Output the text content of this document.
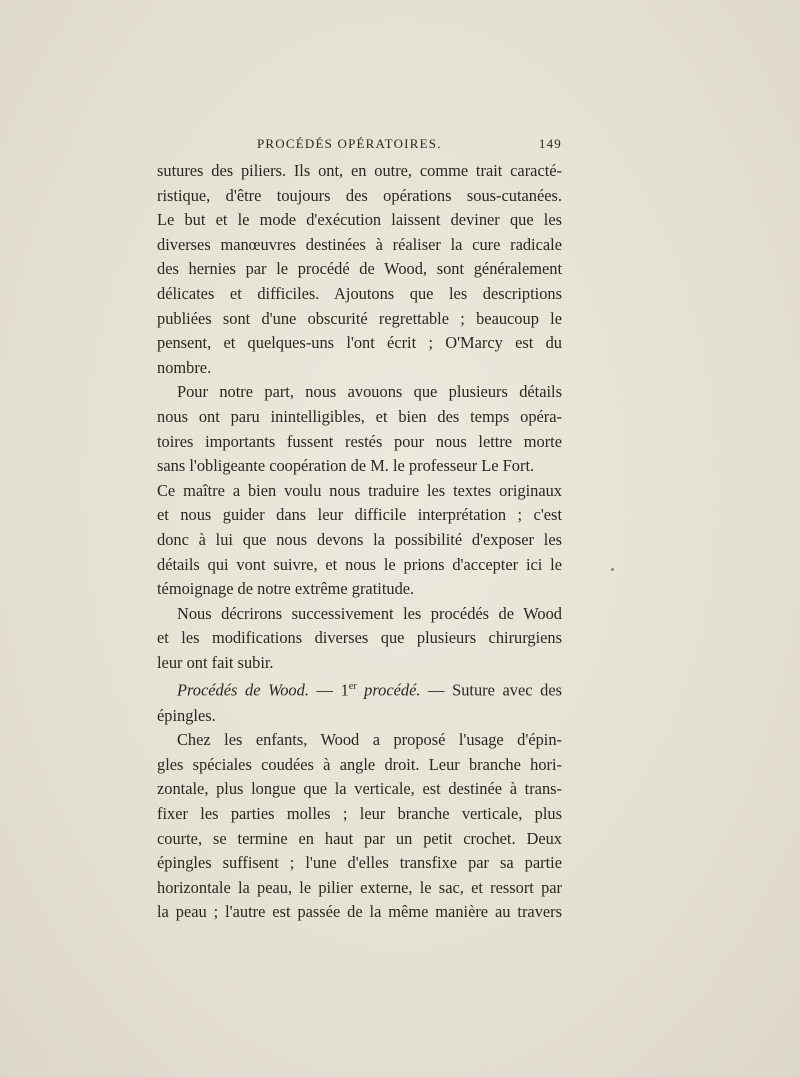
PROCÉDÉS OPÉRATOIRES.	149

sutures des piliers. Ils ont, en outre, comme trait caracté-
ristique, d'être toujours des opérations sous-cutanées.
Le but et le mode d'exécution laissent deviner que les
diverses manœuvres destinées à réaliser la cure radicale
des hernies par le procédé de Wood, sont généralement
délicates et difficiles. Ajoutons que les descriptions
publiées sont d'une obscurité regrettable ; beaucoup le
pensent, et quelques-uns l'ont écrit ; O'Marcy est du
nombre.

Pour notre part, nous avouons que plusieurs détails
nous ont paru inintelligibles, et bien des temps opéra-
toires importants fussent restés pour nous lettre morte
sans l'obligeante coopération de M. le professeur Le Fort.

Ce maître a bien voulu nous traduire les textes originaux
et nous guider dans leur difficile interprétation ; c'est
donc à lui que nous devons la possibilité d'exposer les
détails qui vont suivre, et nous le prions d'accepter ici le
témoignage de notre extrême gratitude.

Nous décrirons successivement les procédés de Wood
et les modifications diverses que plusieurs chirurgiens
leur ont fait subir.

Procédés de Wood. — 1er procédé. — Suture avec des
épingles.

Chez les enfants, Wood a proposé l'usage d'épin-
gles spéciales coudées à angle droit. Leur branche hori-
zontale, plus longue que la verticale, est destinée à trans-
fixer les parties molles ; leur branche verticale, plus
courte, se termine en haut par un petit crochet. Deux
épingles suffisent ; l'une d'elles transfixe par sa partie
horizontale la peau, le pilier externe, le sac, et ressort par
la peau ; l'autre est passée de la même manière au travers
